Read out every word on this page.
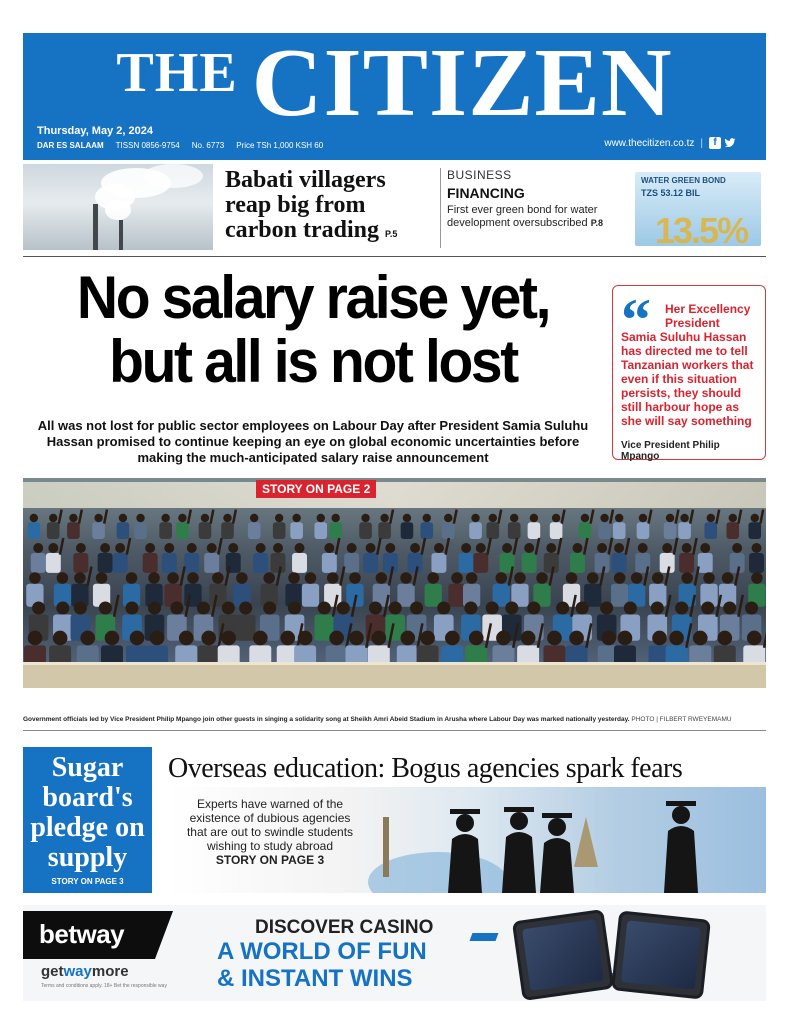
THE CITIZEN
Thursday, May 2, 2024
DAR ES SALAAM TISSN 0856-9754 No. 6773 Price TSh 1,000 KSH 60	www.thecitizen.co.tz |	f
Babati villagers reap big from carbon trading P.5
BUSINESS
FINANCING
First ever green bond for water development oversubscribed P.8
WATER GREEN BOND
TZS 53.12 BIL
13.5%
No salary raise yet,
but all is not lost
All was not lost for public sector employees on Labour Day after President Samia Suluhu Hassan promised to continue keeping an eye on global economic uncertainties before making the much-anticipated salary raise announcement
“ Her Excellency President
Samia Suluhu Hassan has directed me to tell Tanzanian workers that even if this situation persists, they should still harbour hope as she will say something
Vice President Philip Mpango
STORY ON PAGE 2
Government officials led by Vice President Philip Mpango join other guests in singing a solidarity song at Sheikh Amri Abeid Stadium in Arusha where Labour Day was marked nationally yesterday. PHOTO | FILBERT RWEYEMAMU
Sugar board's pledge on supply
STORY ON PAGE 3
Overseas education: Bogus agencies spark fears
Experts have warned of the existence of dubious agencies that are out to swindle students wishing to study abroad
STORY ON PAGE 3
betway
getwaymore
Terms and conditions apply. 18+ Bet the responsible way
DISCOVER CASINO
A WORLD OF FUN
& INSTANT WINS
